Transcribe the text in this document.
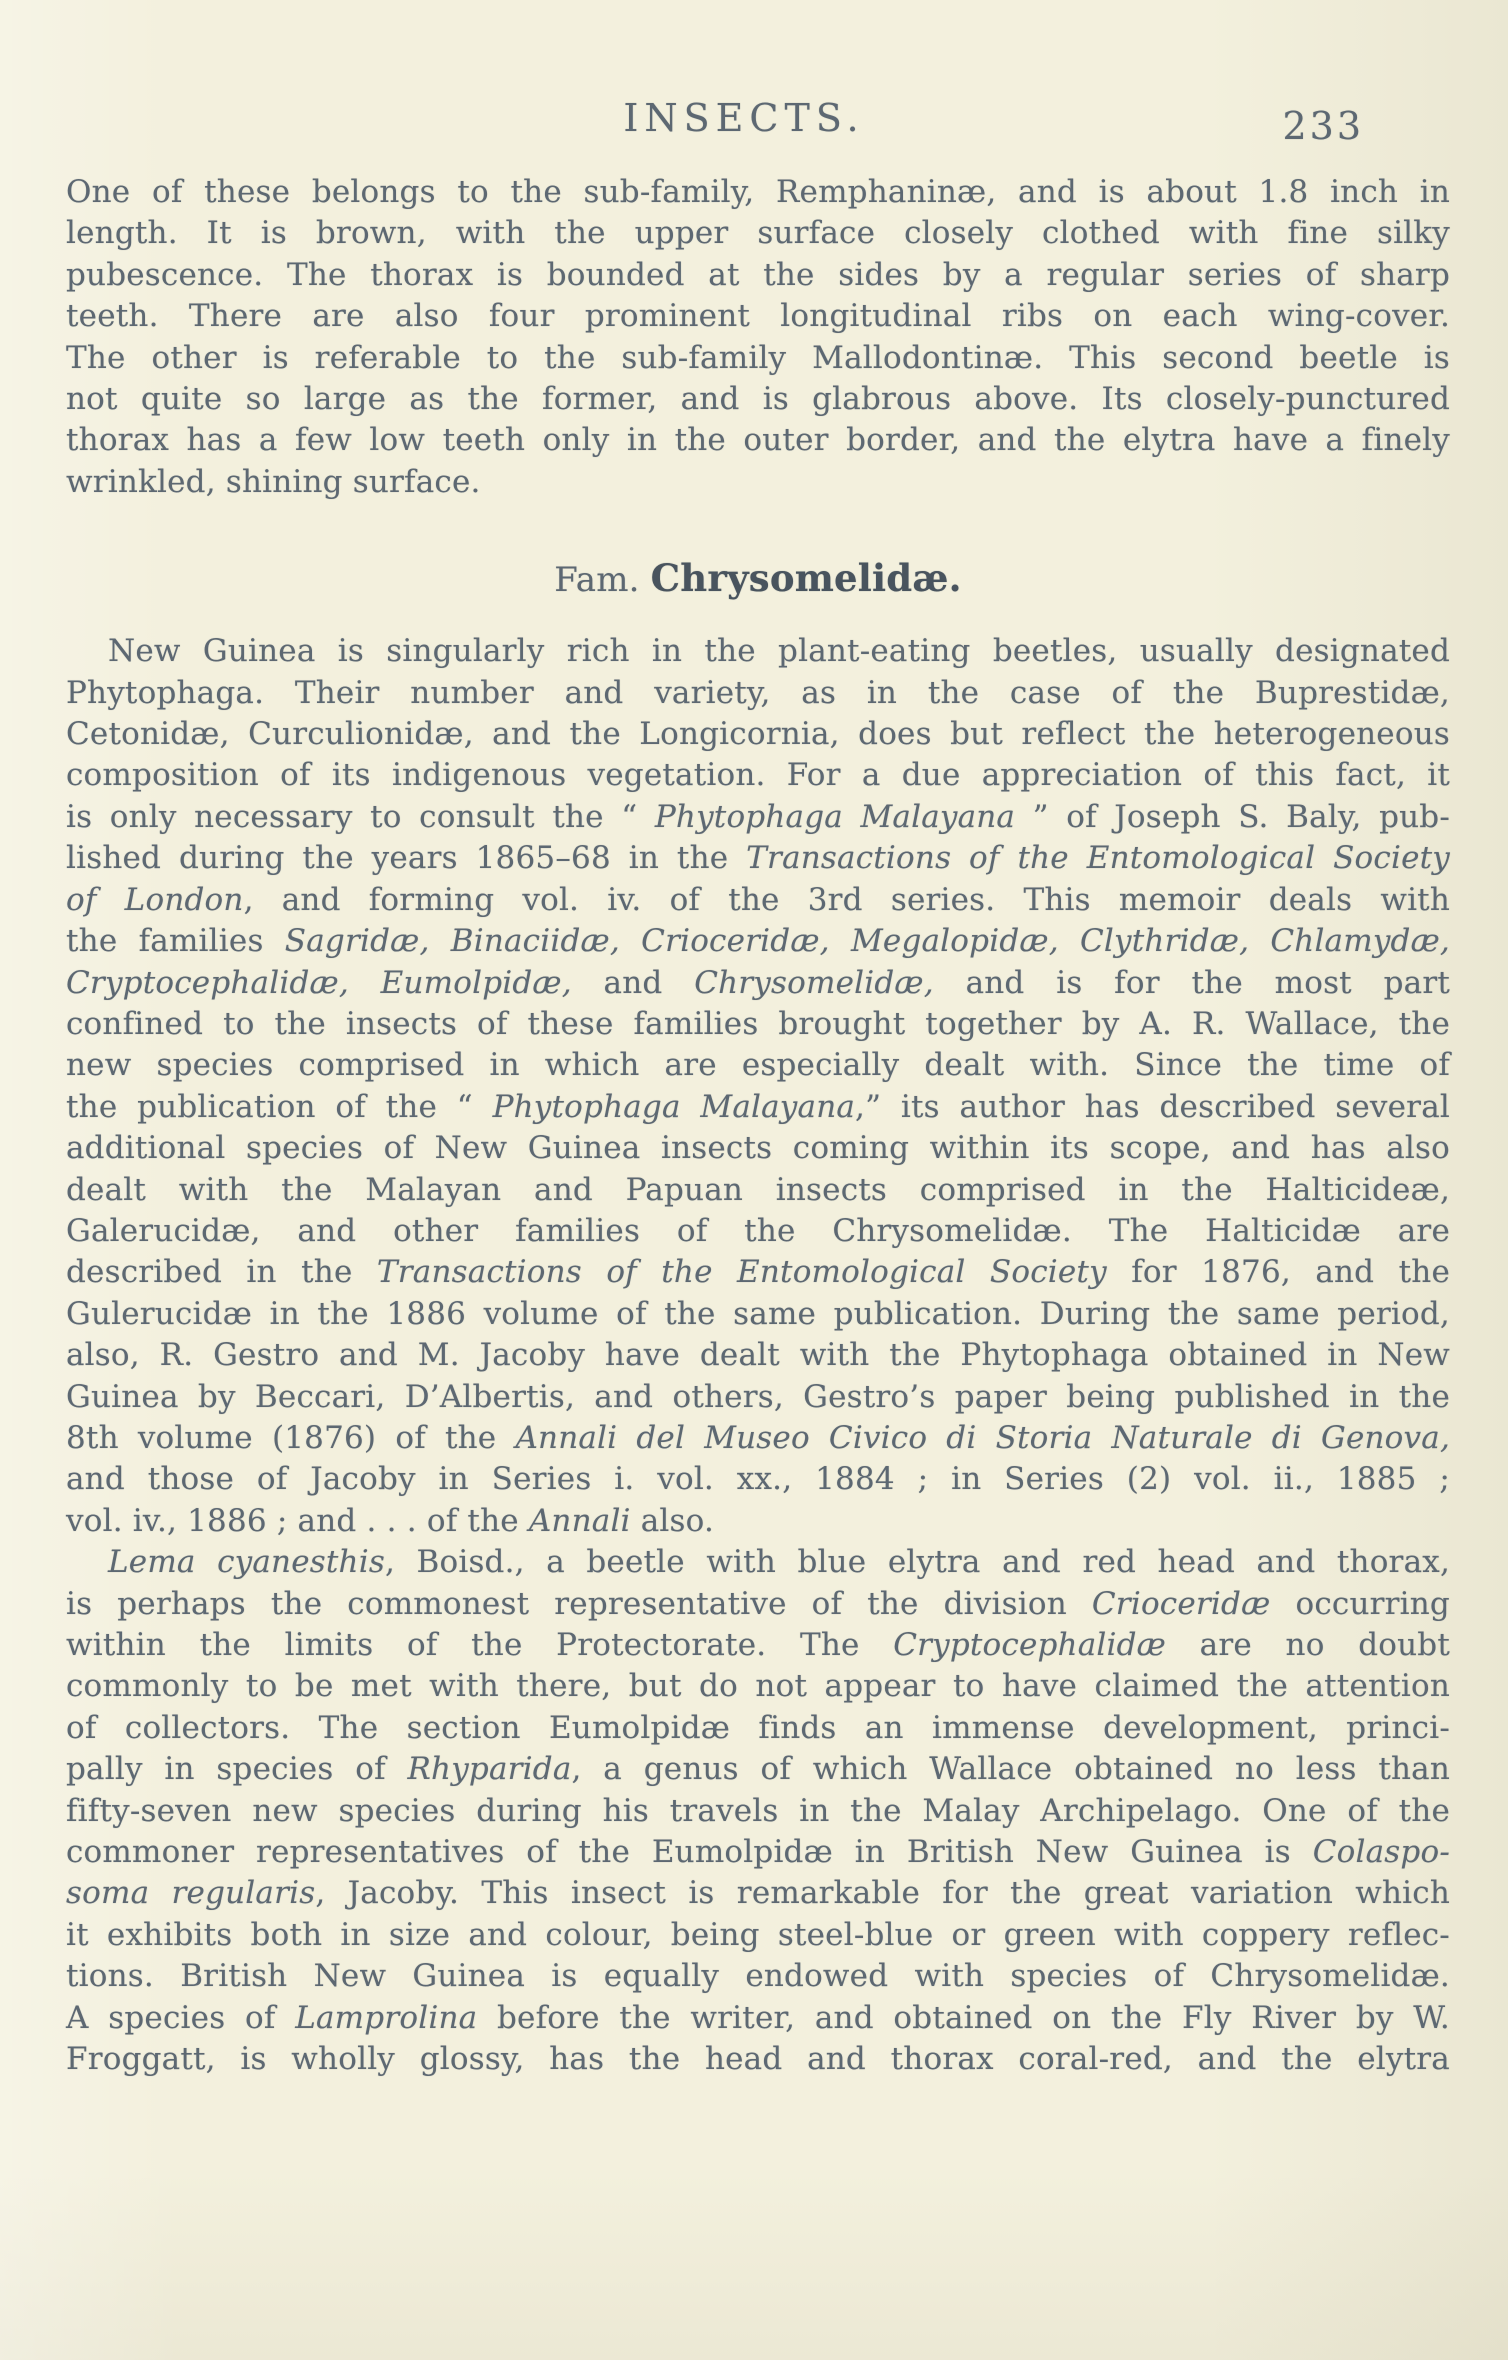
INSECTS.	233
One of these belongs to the sub-family, Remphaninæ, and is about 1.8 inch in
length. It is brown, with the upper surface closely clothed with fine silky
pubescence. The thorax is bounded at the sides by a regular series of sharp
teeth. There are also four prominent longitudinal ribs on each wing-cover.
The other is referable to the sub-family Mallodontinæ. This second beetle is
not quite so large as the former, and is glabrous above. Its closely-punctured
thorax has a few low teeth only in the outer border, and the elytra have a finely
wrinkled, shining surface.
Fam. Chrysomelidæ.
New Guinea is singularly rich in the plant-eating beetles, usually designated
Phytophaga. Their number and variety, as in the case of the Buprestidæ,
Cetonidæ, Curculionidæ, and the Longicornia, does but reflect the heterogeneous
composition of its indigenous vegetation. For a due appreciation of this fact, it
is only necessary to consult the “ Phytophaga Malayana ” of Joseph S. Baly, pub-
lished during the years 1865–68 in the Transactions of the Entomological Society
of London, and forming vol. iv. of the 3rd series. This memoir deals with
the families Sagridæ, Binaciidæ, Crioceridæ, Megalopidæ, Clythridæ, Chlamydæ,
Cryptocephalidæ, Eumolpidæ, and Chrysomelidæ, and is for the most part
confined to the insects of these families brought together by A. R. Wallace, the
new species comprised in which are especially dealt with. Since the time of
the publication of the “ Phytophaga Malayana,” its author has described several
additional species of New Guinea insects coming within its scope, and has also
dealt with the Malayan and Papuan insects comprised in the Halticideæ,
Galerucidæ, and other families of the Chrysomelidæ. The Halticidæ are
described in the Transactions of the Entomological Society for 1876, and the
Gulerucidæ in the 1886 volume of the same publication. During the same period,
also, R. Gestro and M. Jacoby have dealt with the Phytophaga obtained in New
Guinea by Beccari, D’Albertis, and others, Gestro’s paper being published in the
8th volume (1876) of the Annali del Museo Civico di Storia Naturale di Genova,
and those of Jacoby in Series i. vol. xx., 1884 ; in Series (2) vol. ii., 1885 ;
vol. iv., 1886 ; and . . . of the Annali also.
Lema cyanesthis, Boisd., a beetle with blue elytra and red head and thorax,
is perhaps the commonest representative of the division Crioceridæ occurring
within the limits of the Protectorate. The Cryptocephalidæ are no doubt
commonly to be met with there, but do not appear to have claimed the attention
of collectors. The section Eumolpidæ finds an immense development, princi-
pally in species of Rhyparida, a genus of which Wallace obtained no less than
fifty-seven new species during his travels in the Malay Archipelago. One of the
commoner representatives of the Eumolpidæ in British New Guinea is Colaspo-
soma regularis, Jacoby. This insect is remarkable for the great variation which
it exhibits both in size and colour, being steel-blue or green with coppery reflec-
tions. British New Guinea is equally endowed with species of Chrysomelidæ.
A species of Lamprolina before the writer, and obtained on the Fly River by W.
Froggatt, is wholly glossy, has the head and thorax coral-red, and the elytra
